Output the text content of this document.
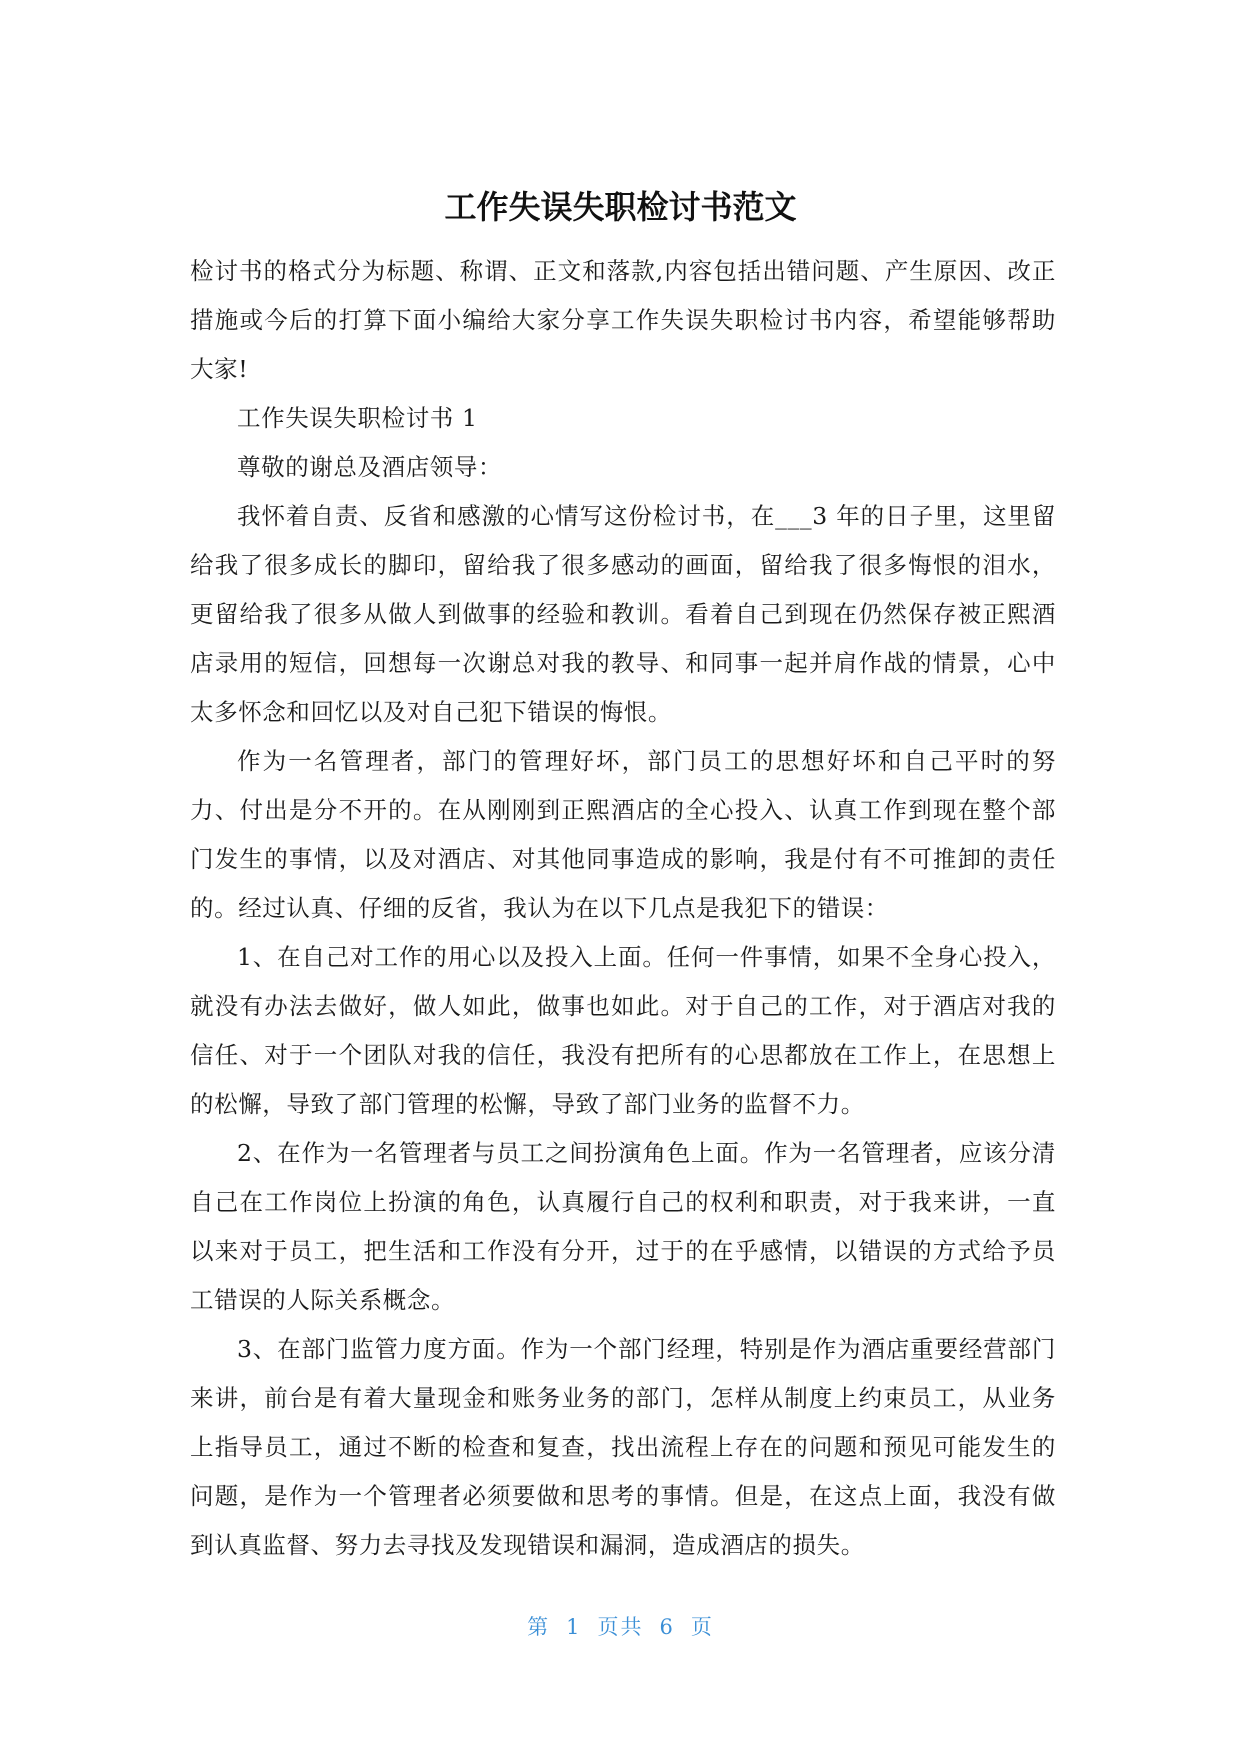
工作失误失职检讨书范文

检讨书的格式分为标题、称谓、正文和落款,内容包括出错问题、产生原因、改正措施或今后的打算下面小编给大家分享工作失误失职检讨书内容，希望能够帮助大家!

工作失误失职检讨书 1

尊敬的谢总及酒店领导：

我怀着自责、反省和感激的心情写这份检讨书，在___3 年的日子里，这里留给我了很多成长的脚印，留给我了很多感动的画面，留给我了很多悔恨的泪水，更留给我了很多从做人到做事的经验和教训。看着自己到现在仍然保存被正熙酒店录用的短信，回想每一次谢总对我的教导、和同事一起并肩作战的情景，心中太多怀念和回忆以及对自己犯下错误的悔恨。

作为一名管理者，部门的管理好坏，部门员工的思想好坏和自己平时的努力、付出是分不开的。在从刚刚到正熙酒店的全心投入、认真工作到现在整个部门发生的事情，以及对酒店、对其他同事造成的影响，我是付有不可推卸的责任的。经过认真、仔细的反省，我认为在以下几点是我犯下的错误：

1、在自己对工作的用心以及投入上面。任何一件事情，如果不全身心投入，就没有办法去做好，做人如此，做事也如此。对于自己的工作，对于酒店对我的信任、对于一个团队对我的信任，我没有把所有的心思都放在工作上，在思想上的松懈，导致了部门管理的松懈，导致了部门业务的监督不力。

2、在作为一名管理者与员工之间扮演角色上面。作为一名管理者，应该分清自己在工作岗位上扮演的角色，认真履行自己的权利和职责，对于我来讲，一直以来对于员工，把生活和工作没有分开，过于的在乎感情，以错误的方式给予员工错误的人际关系概念。

3、在部门监管力度方面。作为一个部门经理，特别是作为酒店重要经营部门来讲，前台是有着大量现金和账务业务的部门，怎样从制度上约束员工，从业务上指导员工，通过不断的检查和复查，找出流程上存在的问题和预见可能发生的问题，是作为一个管理者必须要做和思考的事情。但是，在这点上面，我没有做到认真监督、努力去寻找及发现错误和漏洞，造成酒店的损失。

第 1 页共 6 页
